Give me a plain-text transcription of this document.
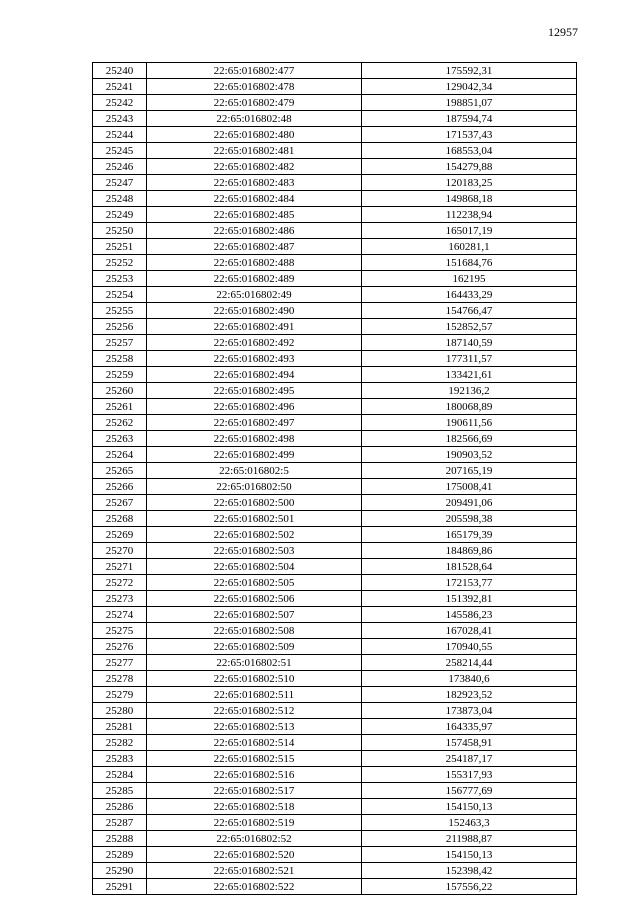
12957
25240	22:65:016802:477	175592,31
25241	22:65:016802:478	129042,34
25242	22:65:016802:479	198851,07
25243	22:65:016802:48	187594,74
25244	22:65:016802:480	171537,43
25245	22:65:016802:481	168553,04
25246	22:65:016802:482	154279,88
25247	22:65:016802:483	120183,25
25248	22:65:016802:484	149868,18
25249	22:65:016802:485	112238,94
25250	22:65:016802:486	165017,19
25251	22:65:016802:487	160281,1
25252	22:65:016802:488	151684,76
25253	22:65:016802:489	162195
25254	22:65:016802:49	164433,29
25255	22:65:016802:490	154766,47
25256	22:65:016802:491	152852,57
25257	22:65:016802:492	187140,59
25258	22:65:016802:493	177311,57
25259	22:65:016802:494	133421,61
25260	22:65:016802:495	192136,2
25261	22:65:016802:496	180068,89
25262	22:65:016802:497	190611,56
25263	22:65:016802:498	182566,69
25264	22:65:016802:499	190903,52
25265	22:65:016802:5	207165,19
25266	22:65:016802:50	175008,41
25267	22:65:016802:500	209491,06
25268	22:65:016802:501	205598,38
25269	22:65:016802:502	165179,39
25270	22:65:016802:503	184869,86
25271	22:65:016802:504	181528,64
25272	22:65:016802:505	172153,77
25273	22:65:016802:506	151392,81
25274	22:65:016802:507	145586,23
25275	22:65:016802:508	167028,41
25276	22:65:016802:509	170940,55
25277	22:65:016802:51	258214,44
25278	22:65:016802:510	173840,6
25279	22:65:016802:511	182923,52
25280	22:65:016802:512	173873,04
25281	22:65:016802:513	164335,97
25282	22:65:016802:514	157458,91
25283	22:65:016802:515	254187,17
25284	22:65:016802:516	155317,93
25285	22:65:016802:517	156777,69
25286	22:65:016802:518	154150,13
25287	22:65:016802:519	152463,3
25288	22:65:016802:52	211988,87
25289	22:65:016802:520	154150,13
25290	22:65:016802:521	152398,42
25291	22:65:016802:522	157556,22
